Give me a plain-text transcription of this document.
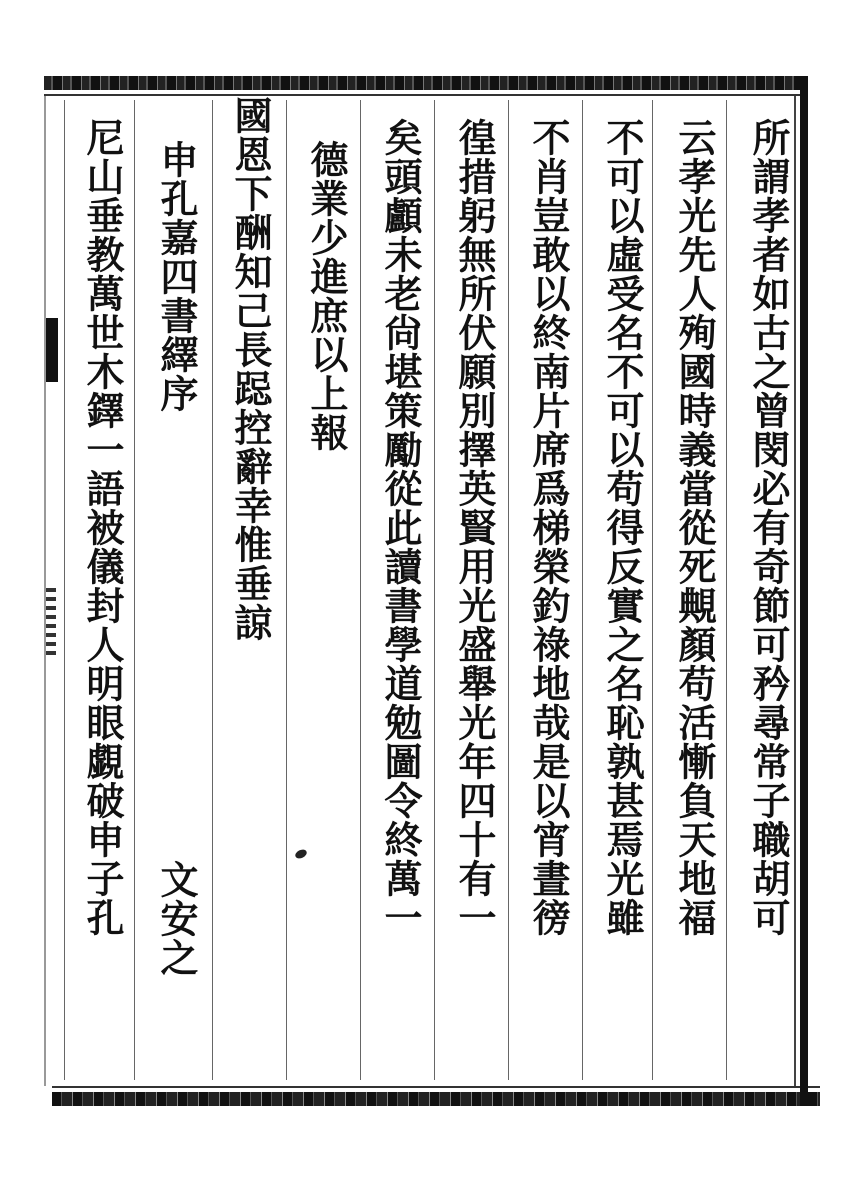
所謂孝者如古之曾閔必有奇節可矜尋常子職胡可
云孝光先人殉國時義當從死覥顏苟活慚負天地福
不可以虛受名不可以苟得反實之名恥孰甚焉光雖
不肖豈敢以終南片席爲梯榮釣祿地哉是以宵晝徬
徨措躬無所伏願別擇英賢用光盛舉光年四十有一
矣頭顱未老尙堪策勵從此讀書學道勉圖令終萬一
德業少進庶以上報
國恩下酬知己長跽控辭幸惟垂諒
申孔嘉四書繹序
文安之
尼山垂教萬世木鐸一語被儀封人明眼覷破申子孔
